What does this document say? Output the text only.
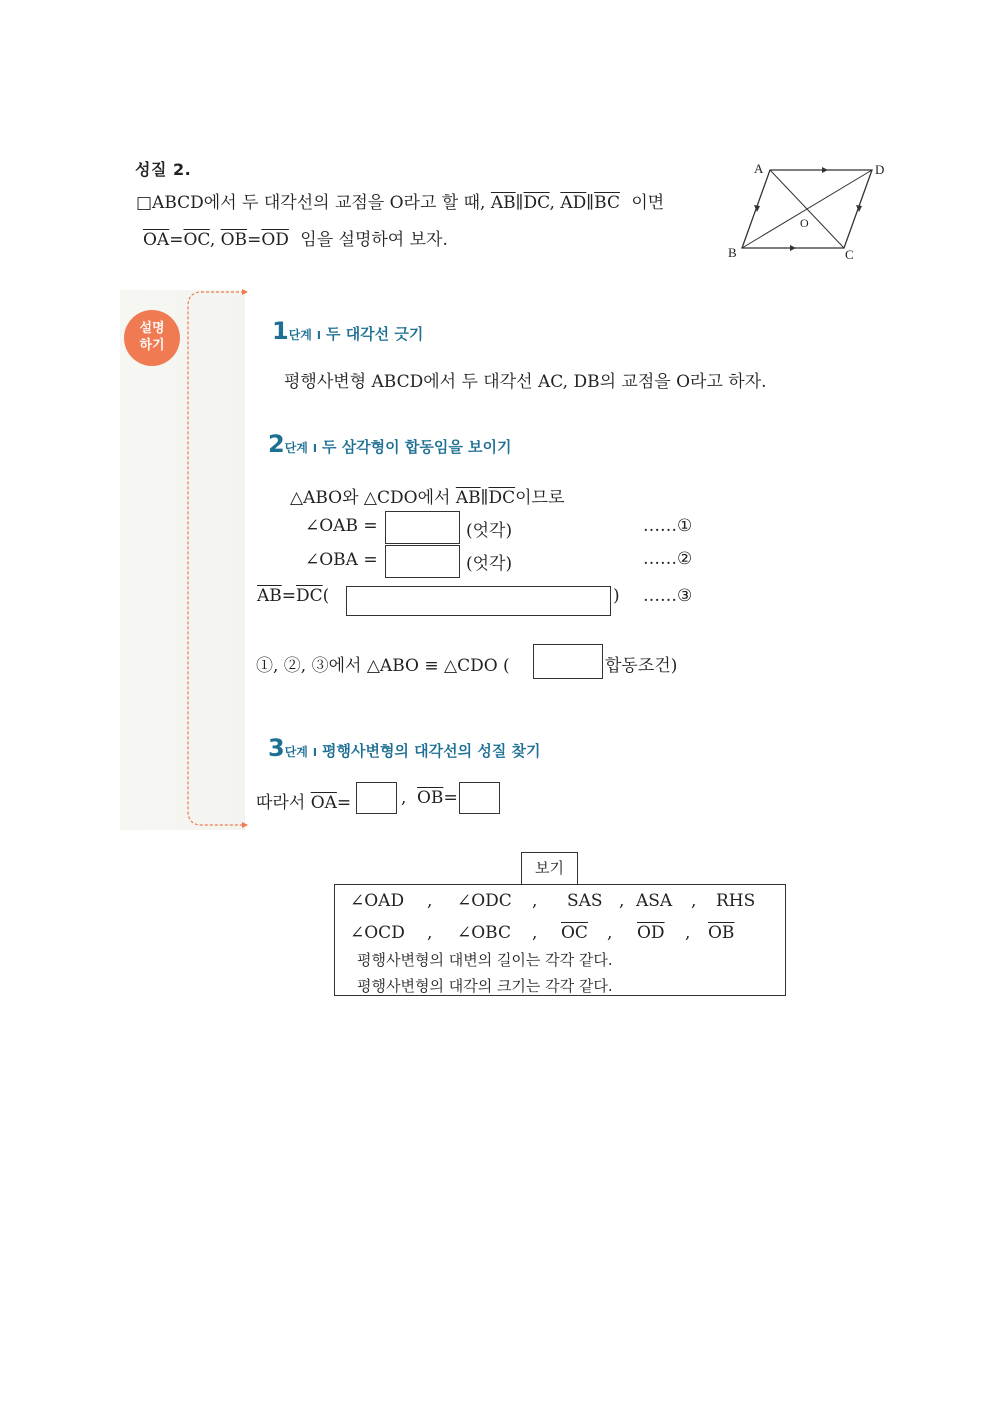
성질 2.
□ABCD에서 두 대각선의 교점을 O라고 할 때, $\overline{AB}\parallel\overline{DC}$, $\overline{AD}\parallel\overline{BC}$ 이면
$\overline{OA}=\overline{OC}$, $\overline{OB}=\overline{OD}$ 임을 설명하여 보자.
A	D
B	C
O
설명
하기
1단계 I 두 대각선 긋기
평행사변형 ABCD에서 두 대각선 AC, DB의 교점을 O라고 하자.
2단계 I 두 삼각형이 합동임을 보이기
△ABO와 △CDO에서 $\overline{AB}\parallel\overline{DC}$이므로
∠OAB =	(엇각)	……①
∠OBA =	(엇각)	……②
$\overline{AB}=\overline{DC}$(	) ……③
①, ②, ③에서 △ABO ≡ △CDO (	합동조건)
3단계 I 평행사변형의 대각선의 성질 찾기
따라서 $\overline{OA}=$	, $\overline{OB}=$
보기
∠OAD , ∠ODC , SAS , ASA , RHS
∠OCD , ∠OBC , $\overline{OC}$ , $\overline{OD}$ , $\overline{OB}$
평행사변형의 대변의 길이는 각각 같다.
평행사변형의 대각의 크기는 각각 같다.
